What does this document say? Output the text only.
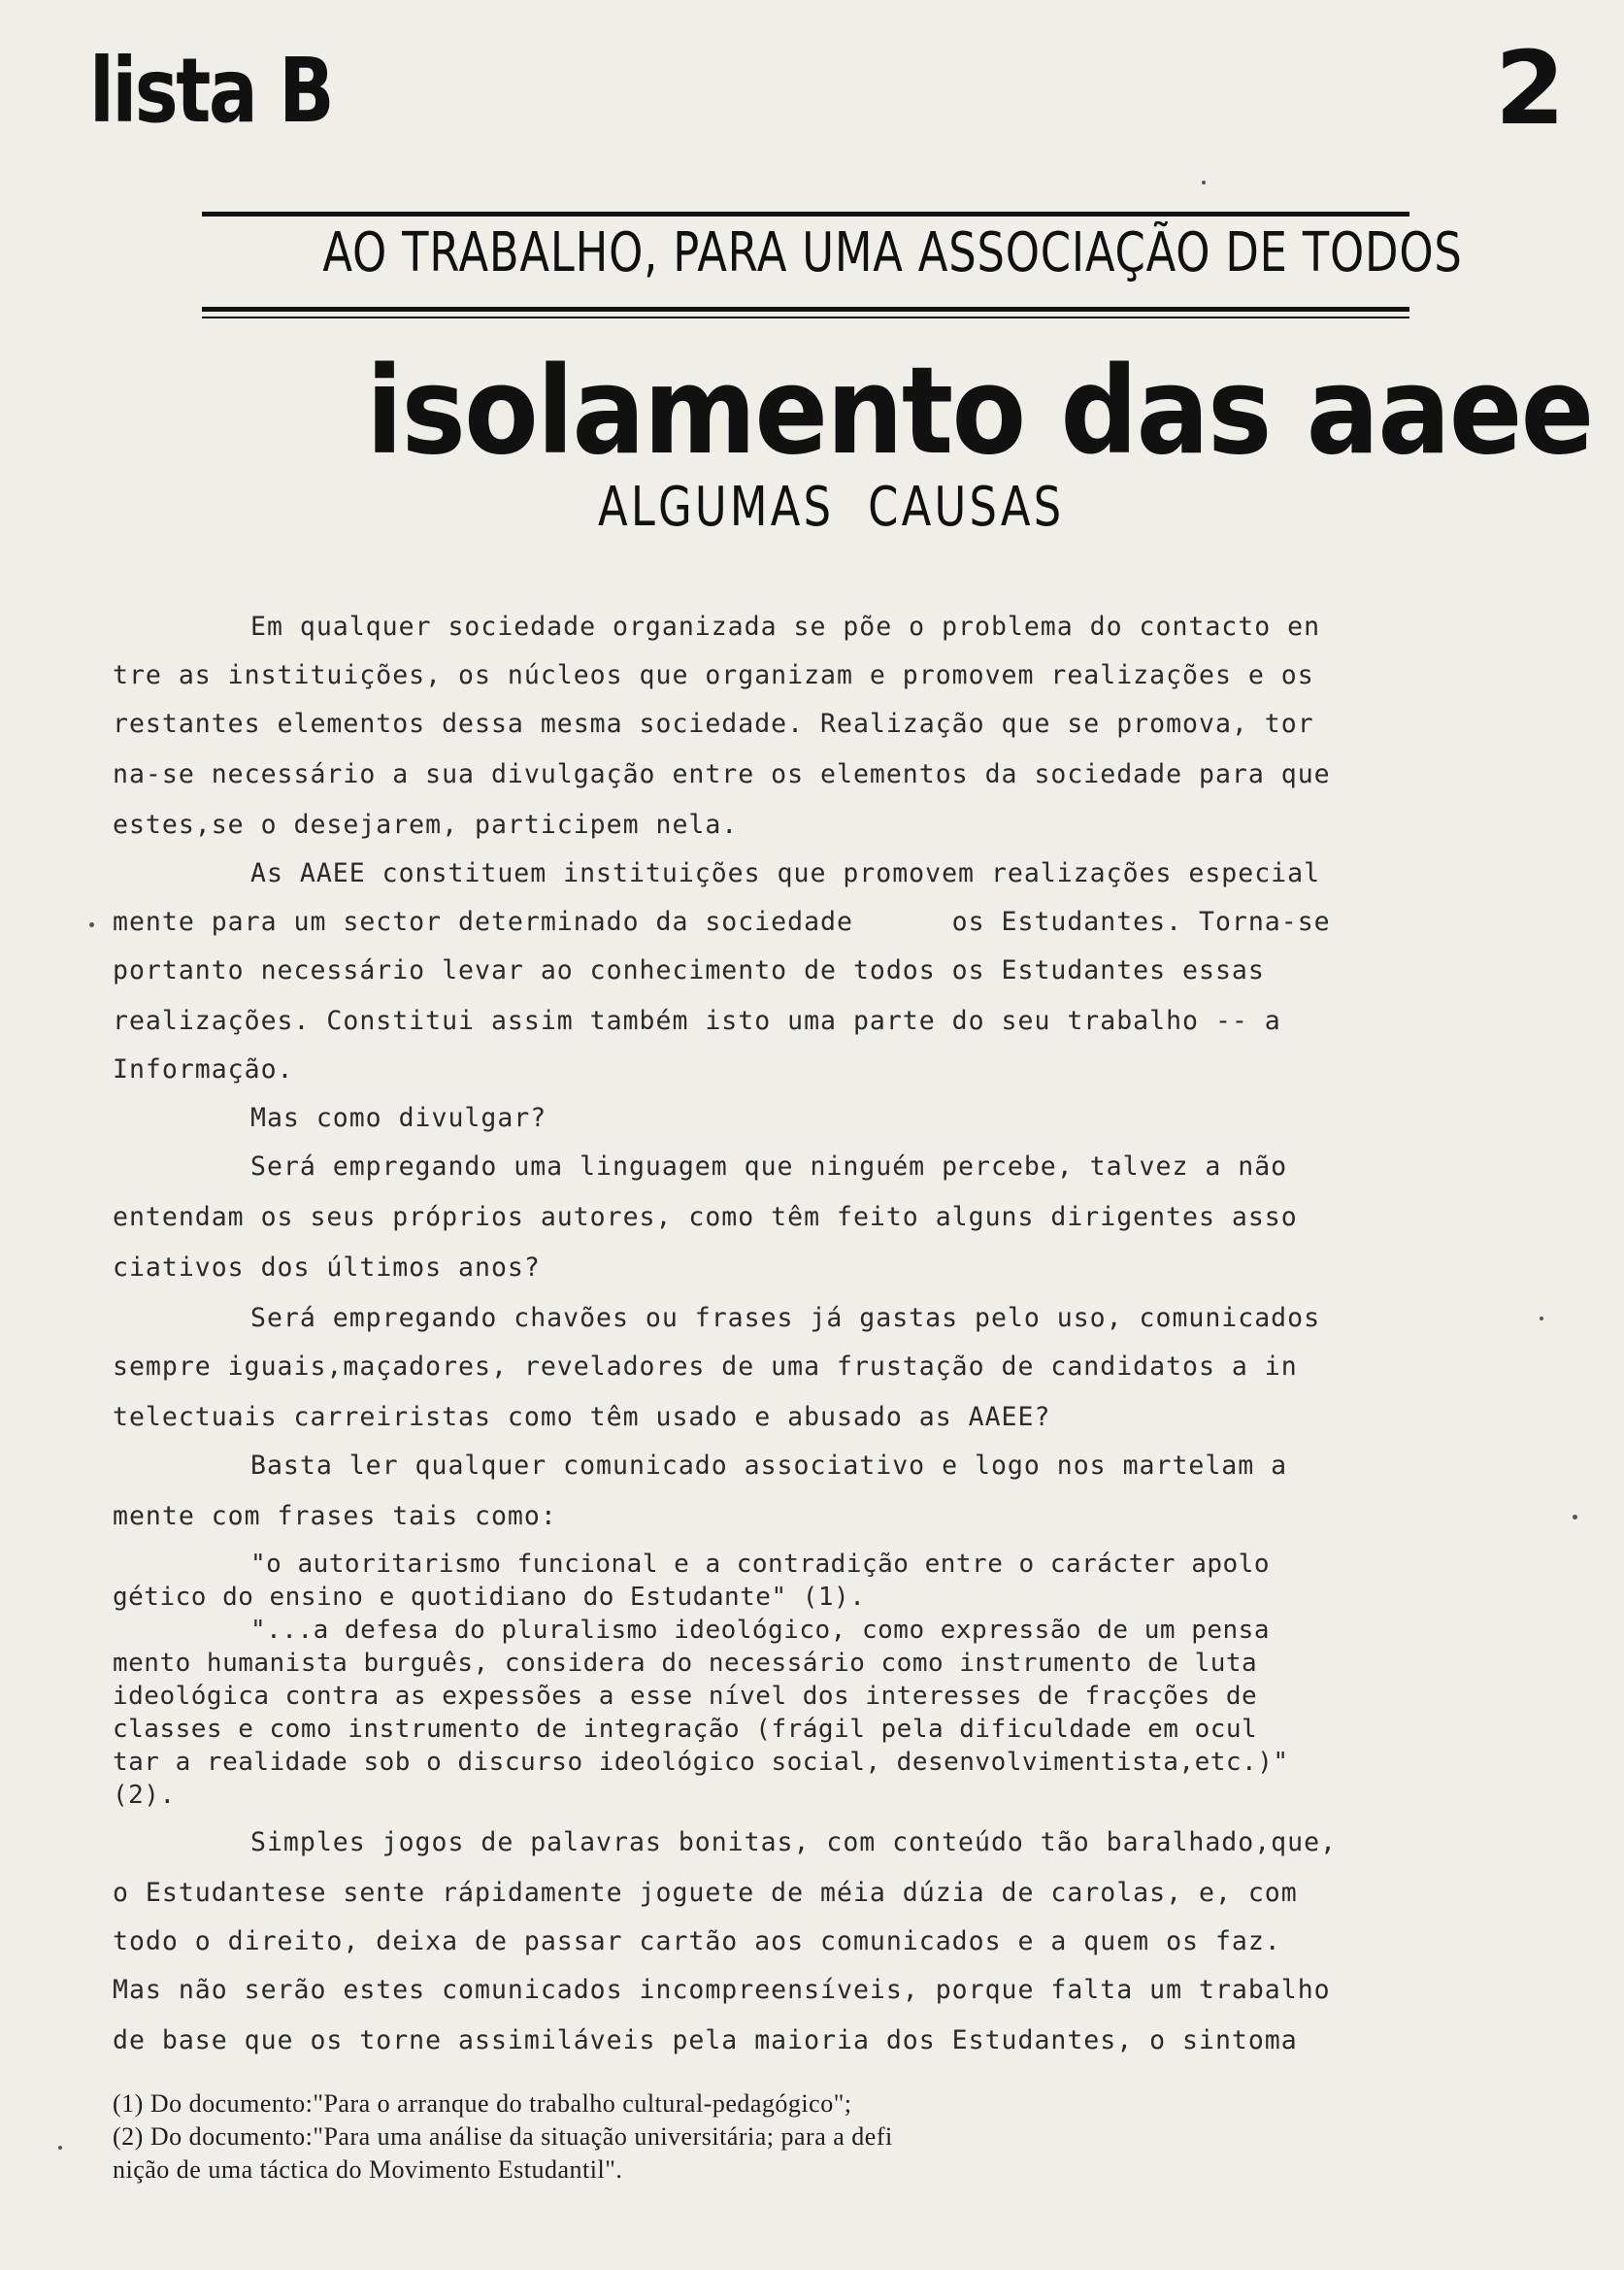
lista B	2
AO TRABALHO, PARA UMA ASSOCIAÇÃO DE TODOS
isolamento das aaee
ALGUMAS  CAUSAS
Em qualquer sociedade organizada se põe o problema do contacto en
tre as instituições, os núcleos que organizam e promovem realizações e os
restantes elementos dessa mesma sociedade. Realização que se promova, tor
na-se necessário a sua divulgação entre os elementos da sociedade para que
estes,se o desejarem, participem nela.
As AAEE constituem instituições que promovem realizações especial
mente para um sector determinado da sociedade      os Estudantes. Torna-se
portanto necessário levar ao conhecimento de todos os Estudantes essas
realizações. Constitui assim também isto uma parte do seu trabalho -- a
Informação.
Mas como divulgar?
Será empregando uma linguagem que ninguém percebe, talvez a não
entendam os seus próprios autores, como têm feito alguns dirigentes asso
ciativos dos últimos anos?
Será empregando chavões ou frases já gastas pelo uso, comunicados
sempre iguais,maçadores, reveladores de uma frustação de candidatos a in
telectuais carreiristas como têm usado e abusado as AAEE?
Basta ler qualquer comunicado associativo e logo nos martelam a
mente com frases tais como:
"o autoritarismo funcional e a contradição entre o carácter apolo
gético do ensino e quotidiano do Estudante" (1).
"...a defesa do pluralismo ideológico, como expressão de um pensa
mento humanista burguês, considera do necessário como instrumento de luta
ideológica contra as expessões a esse nível dos interesses de fracções de
classes e como instrumento de integração (frágil pela dificuldade em ocul
tar a realidade sob o discurso ideológico social, desenvolvimentista,etc.)"
(2).
Simples jogos de palavras bonitas, com conteúdo tão baralhado,que,
o Estudantese sente rápidamente joguete de méia dúzia de carolas, e, com
todo o direito, deixa de passar cartão aos comunicados e a quem os faz.
Mas não serão estes comunicados incompreensíveis, porque falta um trabalho
de base que os torne assimiláveis pela maioria dos Estudantes, o sintoma
(1) Do documento:"Para o arranque do trabalho cultural-pedagógico";
(2) Do documento:"Para uma análise da situação universitária; para a defi
nição de uma táctica do Movimento Estudantil".
